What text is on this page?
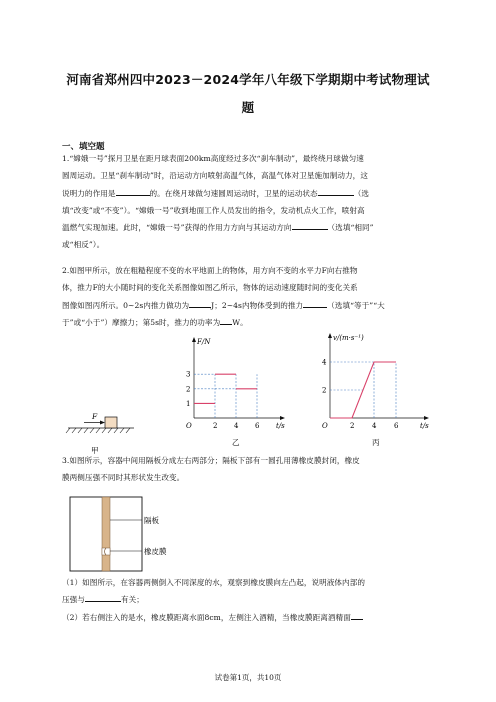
河南省郑州四中2023－2024学年八年级下学期期中考试物理试题
一、填空题
1.“嫦娥一号”探月卫星在距月球表面200km高度经过多次“刹车制动”，最终绕月球做匀速
圆周运动。卫星“刹车制动”时，沿运动方向喷射高温气体，高温气体对卫星施加制动力，这
说明力的作用是	的。在绕月球做匀速圆周运动时，卫星的运动状态	（选
填“改变”或“不变”）。“嫦娥一号”收到地面工作人员发出的指令，发动机点火工作，喷射高
温燃气实现加速。此时，“嫦娥一号”获得的作用力方向与其运动方向	（选填“相同”
或“相反”）。
2.如图甲所示，放在粗糙程度不变的水平地面上的物体，用方向不变的水平力F向右推物
体，推力F的大小随时间的变化关系图像如图乙所示，物体的运动速度随时间的变化关系
图像如图丙所示。0~2s内推力做功为	J；2~4s内物体受到的推力	（选填“等于”“大
于”或“小于”）摩擦力；第5s时，推力的功率为 W。
F
甲
2 4 6
1
2
3
F/N
t/s
O
乙
2	4	6
2
4
v/(m·s⁻¹)
t/s
O
丙
3.如图所示，容器中间用隔板分成左右两部分；隔板下部有一圆孔用薄橡皮膜封闭，橡皮
膜两侧压强不同时其形状发生改变。
隔板
橡皮膜
（1）如图所示，在容器两侧倒入不同深度的水，观察到橡皮膜向左凸起，说明液体内部的
压强与	有关；
（2）若右侧注入的是水，橡皮膜距离水面8cm，左侧注入酒精，当橡皮膜距离酒精面
试卷第1页，共10页
